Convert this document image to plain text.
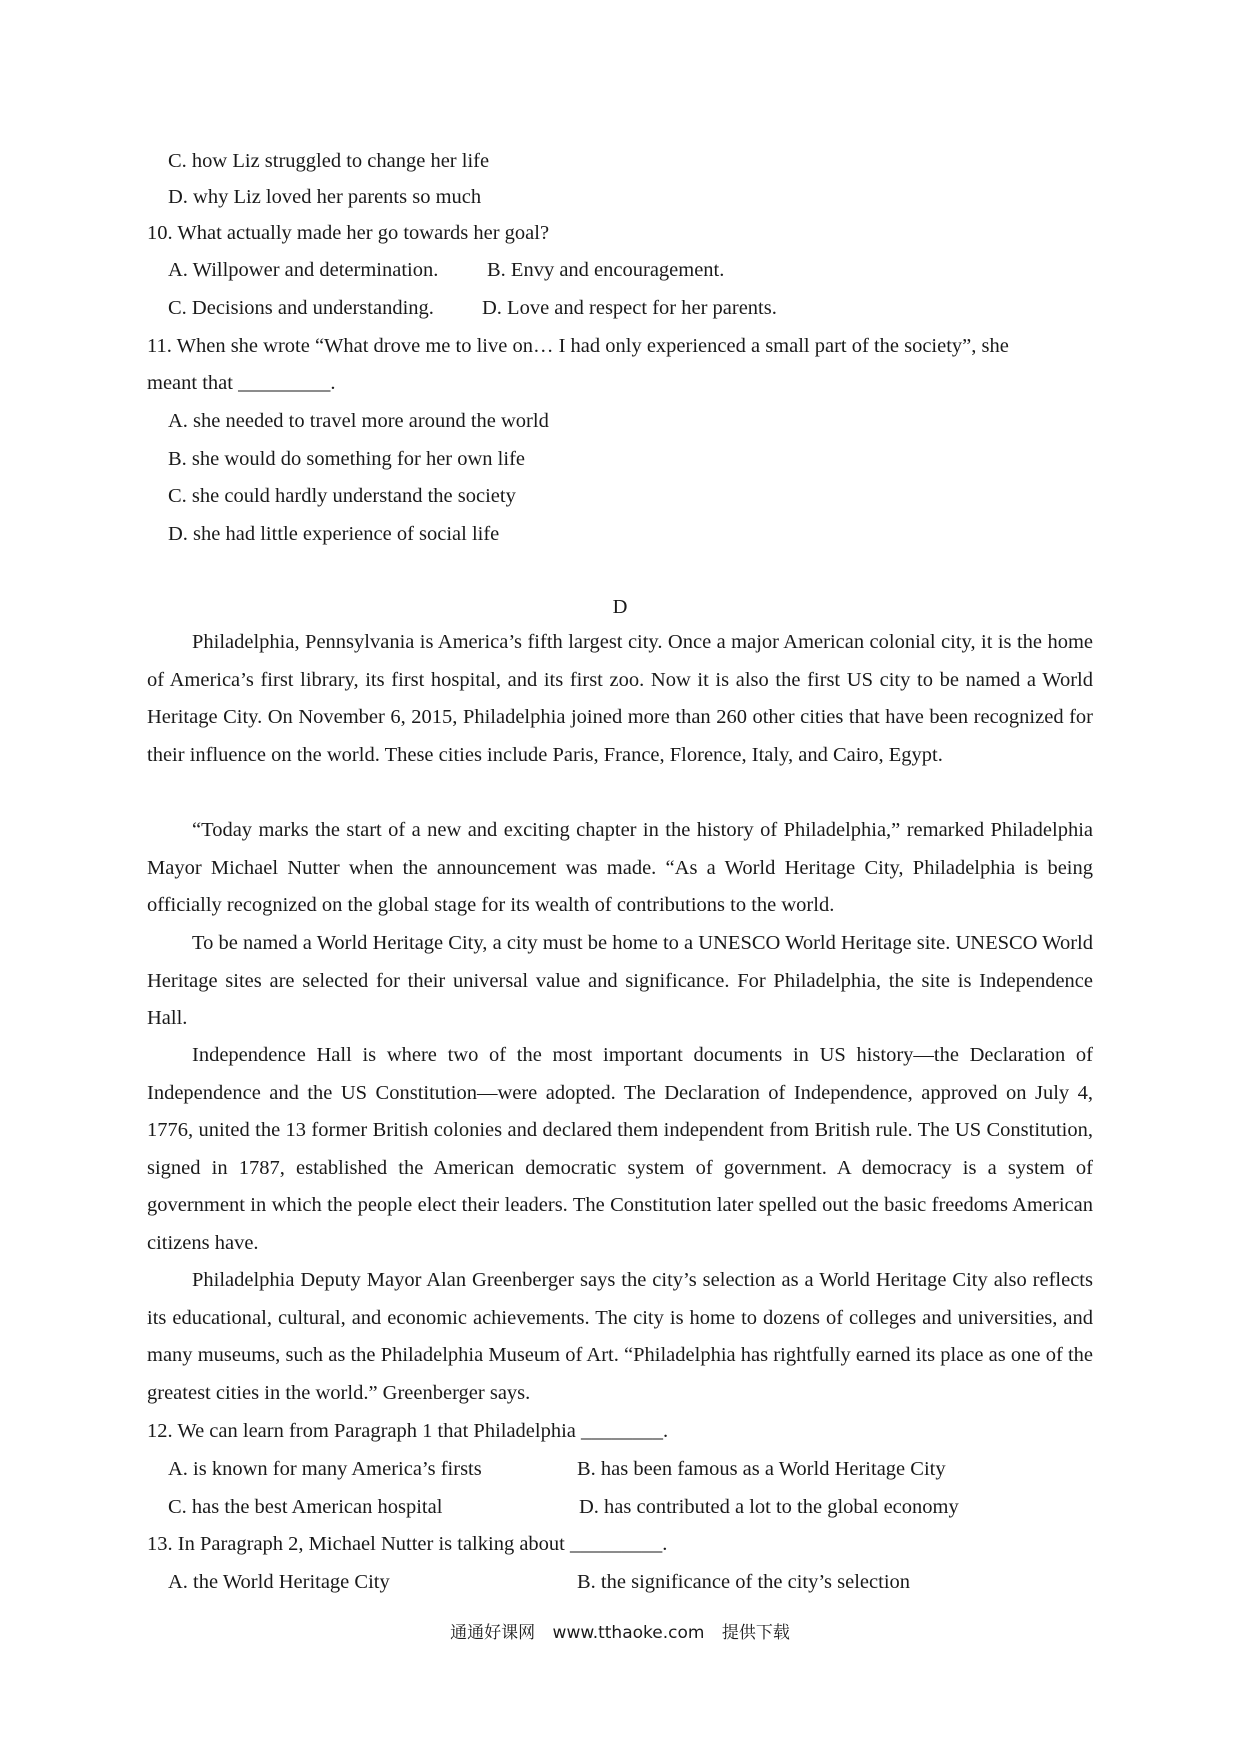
C. how Liz struggled to change her life
D. why Liz loved her parents so much
10. What actually made her go towards her goal?
A. Willpower and determination. B. Envy and encouragement.
C. Decisions and understanding. D. Love and respect for her parents.
11. When she wrote “What drove me to live on… I had only experienced a small part of the society”, she
meant that _________.
A. she needed to travel more around the world
B. she would do something for her own life
C. she could hardly understand the society
D. she had little experience of social life
D

Philadelphia, Pennsylvania is America’s fifth largest city. Once a major American colonial city, it is the home of America’s first library, its first hospital, and its first zoo. Now it is also the first US city to be named a World Heritage City. On November 6, 2015, Philadelphia joined more than 260 other cities that have been recognized for their influence on the world. These cities include Paris, France, Florence, Italy, and Cairo, Egypt.

“Today marks the start of a new and exciting chapter in the history of Philadelphia,” remarked Philadelphia Mayor Michael Nutter when the announcement was made. “As a World Heritage City, Philadelphia is being officially recognized on the global stage for its wealth of contributions to the world.

To be named a World Heritage City, a city must be home to a UNESCO World Heritage site. UNESCO World Heritage sites are selected for their universal value and significance. For Philadelphia, the site is Independence Hall.

Independence Hall is where two of the most important documents in US history—the Declaration of Independence and the US Constitution—were adopted. The Declaration of Independence, approved on July 4, 1776, united the 13 former British colonies and declared them independent from British rule. The US Constitution, signed in 1787, established the American democratic system of government. A democracy is a system of government in which the people elect their leaders. The Constitution later spelled out the basic freedoms American citizens have.

Philadelphia Deputy Mayor Alan Greenberger says the city’s selection as a World Heritage City also reflects its educational, cultural, and economic achievements. The city is home to dozens of colleges and universities, and many museums, such as the Philadelphia Museum of Art. “Philadelphia has rightfully earned its place as one of the greatest cities in the world.” Greenberger says.

12. We can learn from Paragraph 1 that Philadelphia ________.
A. is known for many America’s firsts	B. has been famous as a World Heritage City
C. has the best American hospital	D. has contributed a lot to the global economy
13. In Paragraph 2, Michael Nutter is talking about _________.
A. the World Heritage City	B. the significance of the city’s selection
通通好课网 www.tthaoke.com 提供下载
